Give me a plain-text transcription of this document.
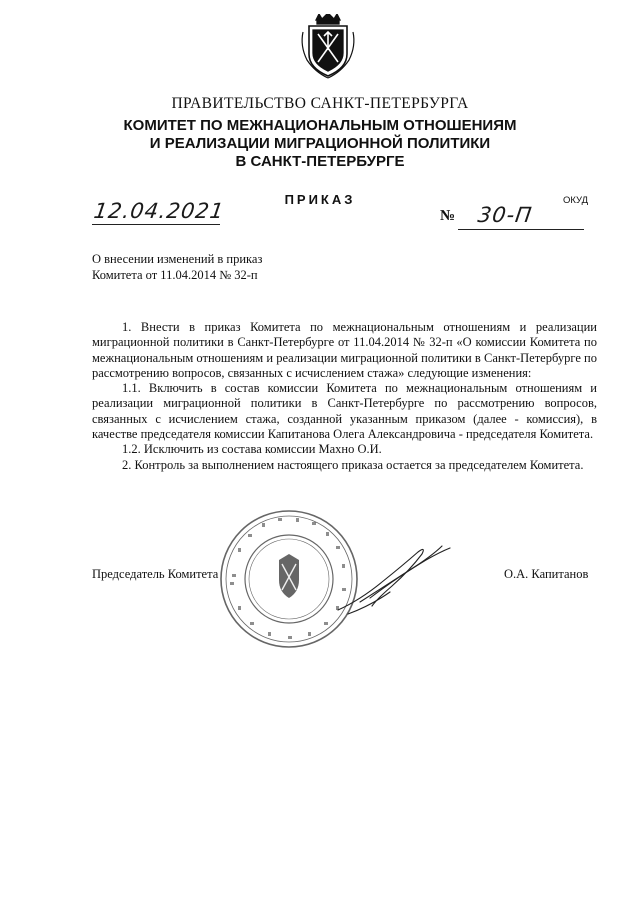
ПРАВИТЕЛЬСТВО САНКТ-ПЕТЕРБУРГА
КОМИТЕТ ПО МЕЖНАЦИОНАЛЬНЫМ ОТНОШЕНИЯМ
И РЕАЛИЗАЦИИ МИГРАЦИОННОЙ ПОЛИТИКИ
В САНКТ-ПЕТЕРБУРГЕ
ПРИКАЗ	ОКУД
12.04.2021	№ 30-П
О внесении изменений в приказ
Комитета от 11.04.2014 № 32-п

1. Внести в приказ Комитета по межнациональным отношениям и реализации миграционной политики в Санкт-Петербурге от 11.04.2014 № 32-п «О комиссии Комитета по межнациональным отношениям и реализации миграционной политики в Санкт-Петербурге по рассмотрению вопросов, связанных с исчислением стажа» следующие изменения:

1.1. Включить в состав комиссии Комитета по межнациональным отношениям и реализации миграционной политики в Санкт-Петербурге по рассмотрению вопросов, связанных с исчислением стажа, созданной указанным приказом (далее - комиссия), в качестве председателя комиссии Капитанова Олега Александровича - председателя Комитета.

1.2. Исключить из состава комиссии Махно О.И.

2. Контроль за выполнением настоящего приказа остается за председателем Комитета.

Председатель Комитета	О.А. Капитанов
